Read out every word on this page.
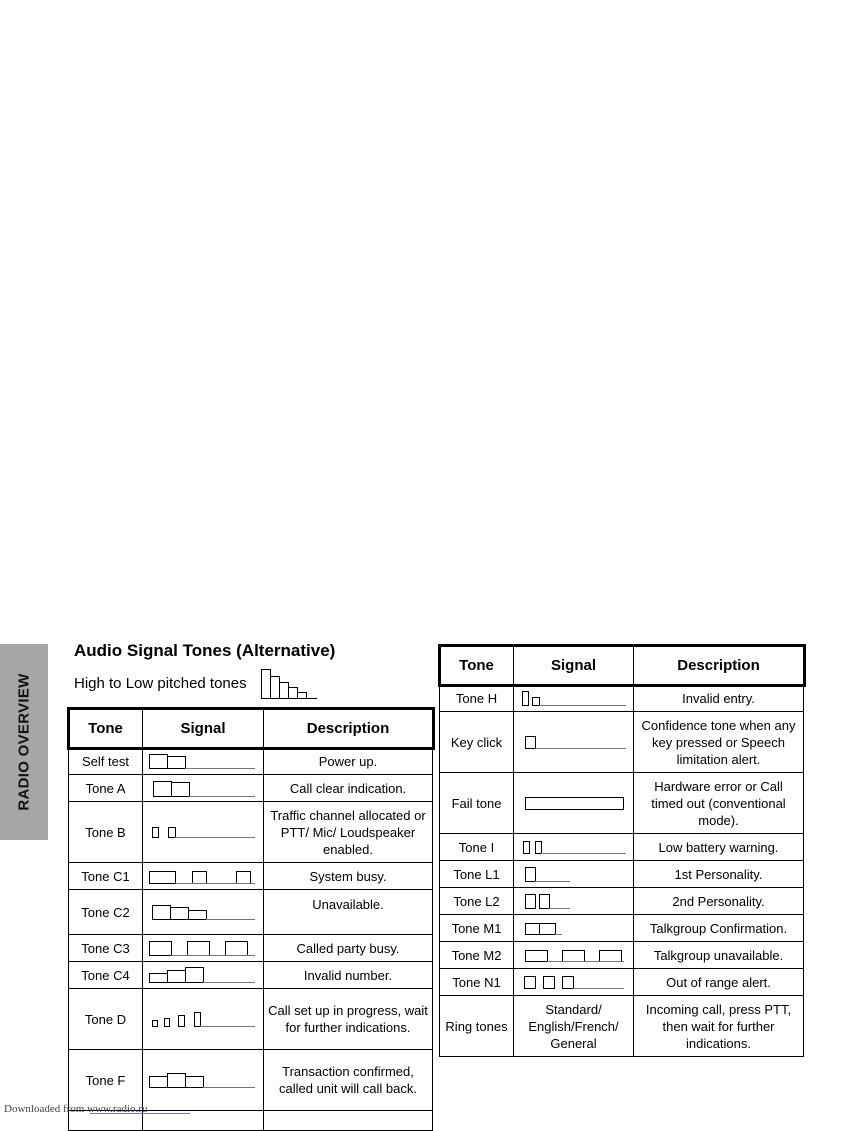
RADIO OVERVIEW
Audio Signal Tones (Alternative)

High to Low pitched tones

Tone	Signal	Description
Self test		Power up.
Tone A		Call clear indication.
Tone B		Traffic channel allocated or PTT/ Mic/ Loudspeaker enabled.
Tone C1		System busy.
Tone C2		Unavailable.
Tone C3		Called party busy.
Tone C4		Invalid number.
Tone D		Call set up in progress, wait for further indications.
Tone F		Transaction confirmed, called unit will call back.

Tone	Signal	Description
Tone H		Invalid entry.
Key click		Confidence tone when any key pressed or Speech limitation alert.
Fail tone		Hardware error or Call timed out (conventional mode).
Tone I		Low battery warning.
Tone L1		1st Personality.
Tone L2		2nd Personality.
Tone M1		Talkgroup Confirmation.
Tone M2		Talkgroup unavailable.
Tone N1		Out of range alert.
Ring tones	Standard/ English/French/ General	Incoming call, press PTT, then wait for further indications.
Downloaded from www.radio.ru
